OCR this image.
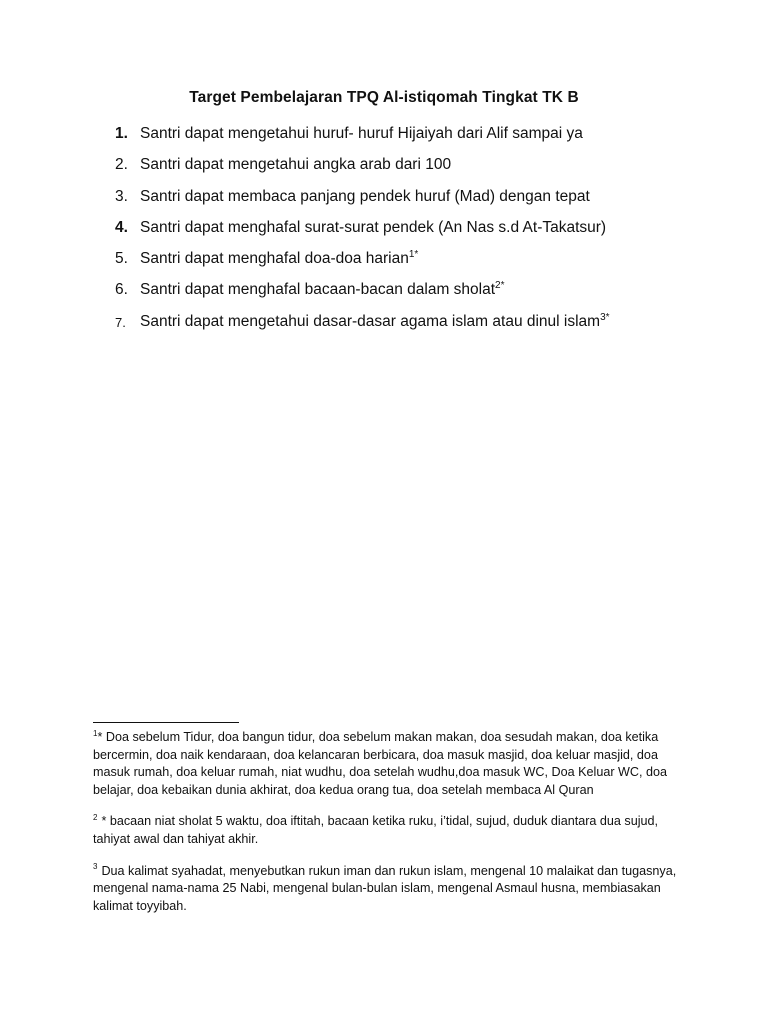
Target Pembelajaran TPQ Al-istiqomah Tingkat TK B
1. Santri dapat mengetahui huruf- huruf Hijaiyah dari Alif sampai ya
2. Santri dapat mengetahui angka arab dari 100
3. Santri dapat membaca panjang pendek huruf (Mad) dengan tepat
4. Santri dapat menghafal surat-surat pendek (An Nas s.d At-Takatsur)
5. Santri dapat menghafal doa-doa harian$^{1*}$
6. Santri dapat menghafal bacaan-bacan dalam sholat$^{2*}$
7. Santri dapat mengetahui dasar-dasar agama islam atau dinul islam$^{3*}$

$^1$* Doa sebelum Tidur, doa bangun tidur, doa sebelum makan makan, doa sesudah makan, doa ketika bercermin, doa naik kendaraan, doa kelancaran berbicara, doa masuk masjid, doa keluar masjid, doa masuk rumah, doa keluar rumah, niat wudhu, doa setelah wudhu,doa masuk WC, Doa Keluar WC, doa belajar, doa kebaikan dunia akhirat, doa kedua orang tua, doa setelah membaca Al Quran

$^2$ * bacaan niat sholat 5 waktu, doa iftitah, bacaan ketika ruku, i’tidal, sujud, duduk diantara dua sujud, tahiyat awal dan tahiyat akhir.

$^3$ Dua kalimat syahadat, menyebutkan rukun iman dan rukun islam, mengenal 10 malaikat dan tugasnya, mengenal nama-nama 25 Nabi, mengenal bulan-bulan islam, mengenal Asmaul husna, membiasakan kalimat toyyibah.
